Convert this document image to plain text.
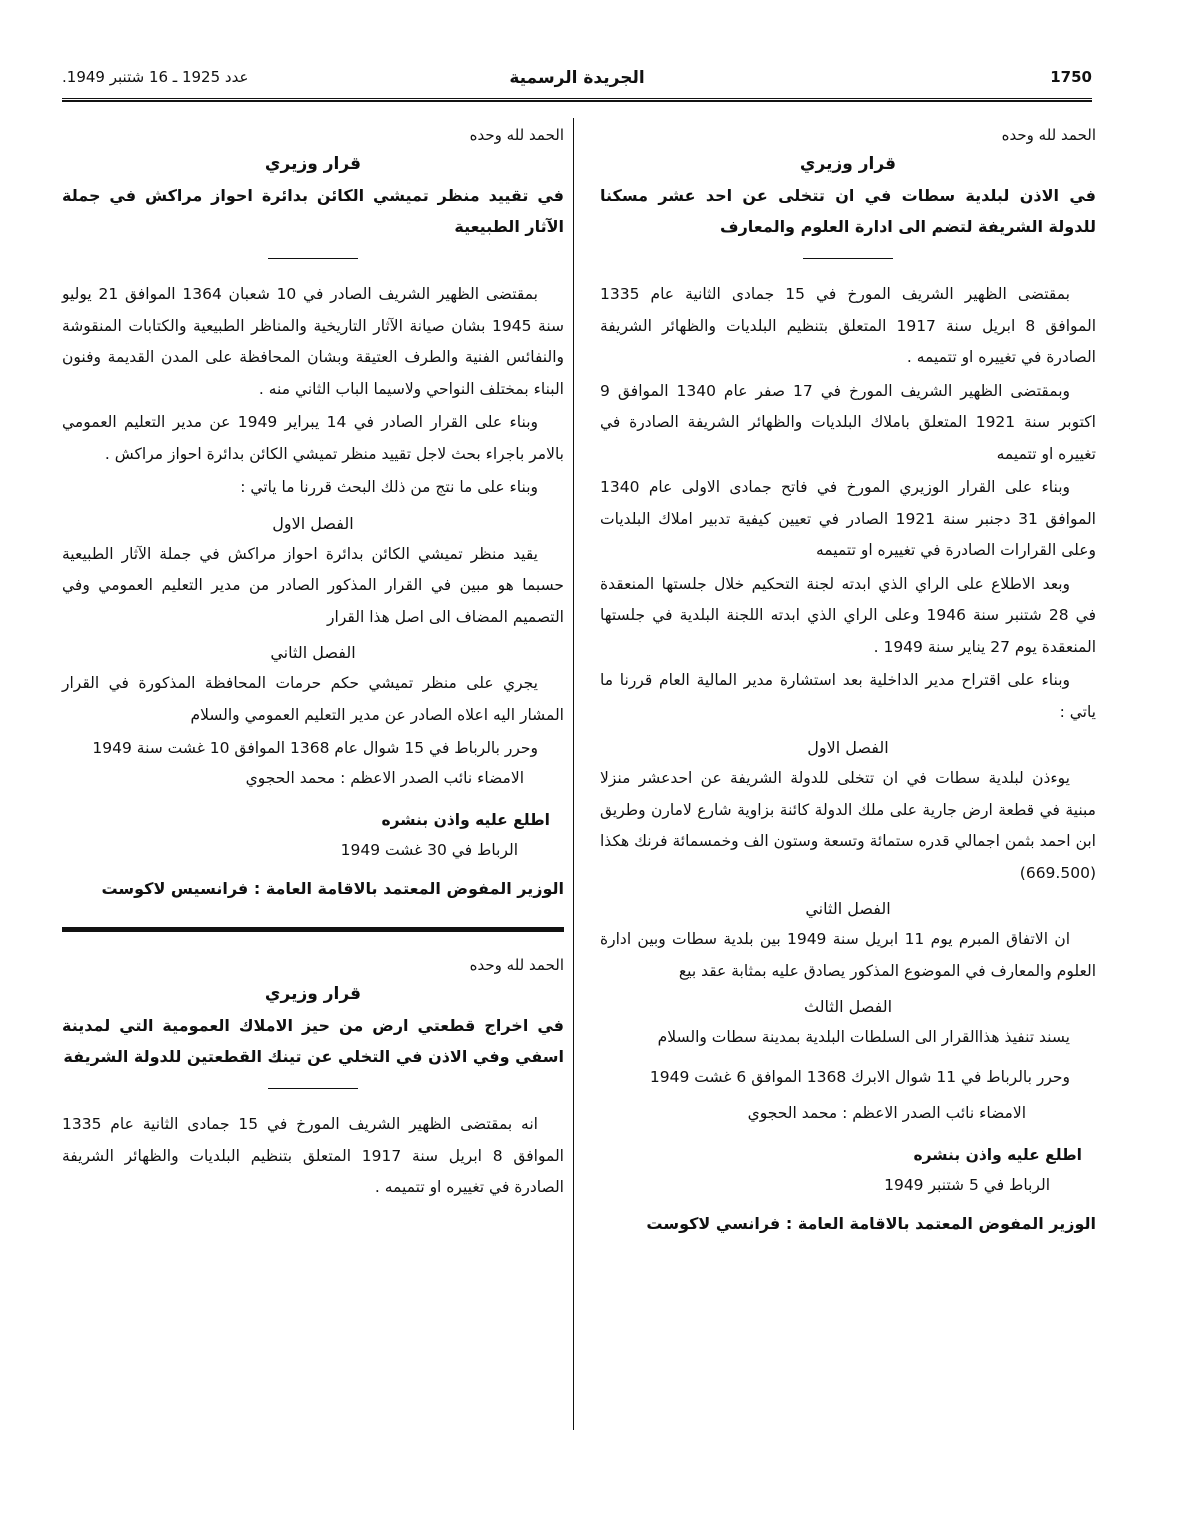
1750
الجريدة الرسمية
عدد 1925 ـ 16 شتنبر 1949.
الحمد لله وحده
قرار وزيري
في الاذن لبلدية سطات في ان تتخلى عن احد عشر مسكنا للدولة الشريفة لتضم الى ادارة العلوم والمعارف

بمقتضى الظهير الشريف المورخ في 15 جمادى الثانية عام 1335 الموافق 8 ابريل سنة 1917 المتعلق بتنظيم البلديات والظهائر الشريفة الصادرة في تغييره او تتميمه .

وبمقتضى الظهير الشريف المورخ في 17 صفر عام 1340 الموافق 9 اكتوبر سنة 1921 المتعلق باملاك البلديات والظهائر الشريفة الصادرة في تغييره او تتميمه

وبناء على القرار الوزيري المورخ في فاتح جمادى الاولى عام 1340 الموافق 31 دجنبر سنة 1921 الصادر في تعيين كيفية تدبير املاك البلديات وعلى القرارات الصادرة في تغييره او تتميمه

وبعد الاطلاع على الراي الذي ابدته لجنة التحكيم خلال جلستها المنعقدة في 28 شتنبر سنة 1946 وعلى الراي الذي ابدته اللجنة البلدية في جلستها المنعقدة يوم 27 يناير سنة 1949 .

وبناء على اقتراح مدير الداخلية بعد استشارة مدير المالية العام قررنا ما ياتي :

الفصل الاول

يوءذن لبلدية سطات في ان تتخلى للدولة الشريفة عن احدعشر منزلا مبنية في قطعة ارض جارية على ملك الدولة كائنة بزاوية شارع لامارن وطريق ابن احمد بثمن اجمالي قدره ستمائة وتسعة وستون الف وخمسمائة فرنك هكذا (669.500)

الفصل الثاني

ان الاتفاق المبرم يوم 11 ابريل سنة 1949 بين بلدية سطات وبين ادارة العلوم والمعارف في الموضوع المذكور يصادق عليه بمثابة عقد بيع

الفصل الثالث

يسند تنفيذ هذاالقرار الى السلطات البلدية بمدينة سطات والسلام

وحرر بالرباط في 11 شوال الابرك 1368 الموافق 6 غشت 1949

الامضاء نائب الصدر الاعظم : محمد الحجوي
اطلع عليه واذن بنشره
الرباط في 5 شتنبر 1949
الوزير المفوض المعتمد بالاقامة العامة : فرانسي لاكوست
الحمد لله وحده
قرار وزيري
في تقييد منظر تميشي الكائن بدائرة احواز مراكش في جملة الآثار الطبيعية

بمقتضى الظهير الشريف الصادر في 10 شعبان 1364 الموافق 21 يوليو سنة 1945 بشان صيانة الآثار التاريخية والمناظر الطبيعية والكتابات المنقوشة والنفائس الفنية والطرف العتيقة وبشان المحافظة على المدن القديمة وفنون البناء بمختلف النواحي ولاسيما الباب الثاني منه .

وبناء على القرار الصادر في 14 يبراير 1949 عن مدير التعليم العمومي بالامر باجراء بحث لاجل تقييد منظر تميشي الكائن بدائرة احواز مراكش .

وبناء على ما نتج من ذلك البحث قررنا ما ياتي :

الفصل الاول

يقيد منظر تميشي الكائن بدائرة احواز مراكش في جملة الآثار الطبيعية حسبما هو مبين في القرار المذكور الصادر من مدير التعليم العمومي وفي التصميم المضاف الى اصل هذا القرار

الفصل الثاني

يجري على منظر تميشي حكم حرمات المحافظة المذكورة في القرار المشار اليه اعلاه الصادر عن مدير التعليم العمومي والسلام

وحرر بالرباط في 15 شوال عام 1368 الموافق 10 غشت سنة 1949

الامضاء نائب الصدر الاعظم : محمد الحجوي
اطلع عليه واذن بنشره
الرباط في 30 غشت 1949
الوزير المفوض المعتمد بالاقامة العامة : فرانسيس لاكوست
الحمد لله وحده
قرار وزيري
في اخراج قطعتي ارض من حيز الاملاك العمومية التي لمدينة اسفي وفي الاذن في التخلي عن تينك القطعتين للدولة الشريفة

انه بمقتضى الظهير الشريف المورخ في 15 جمادى الثانية عام 1335 الموافق 8 ابريل سنة 1917 المتعلق بتنظيم البلديات والظهائر الشريفة الصادرة في تغييره او تتميمه .
